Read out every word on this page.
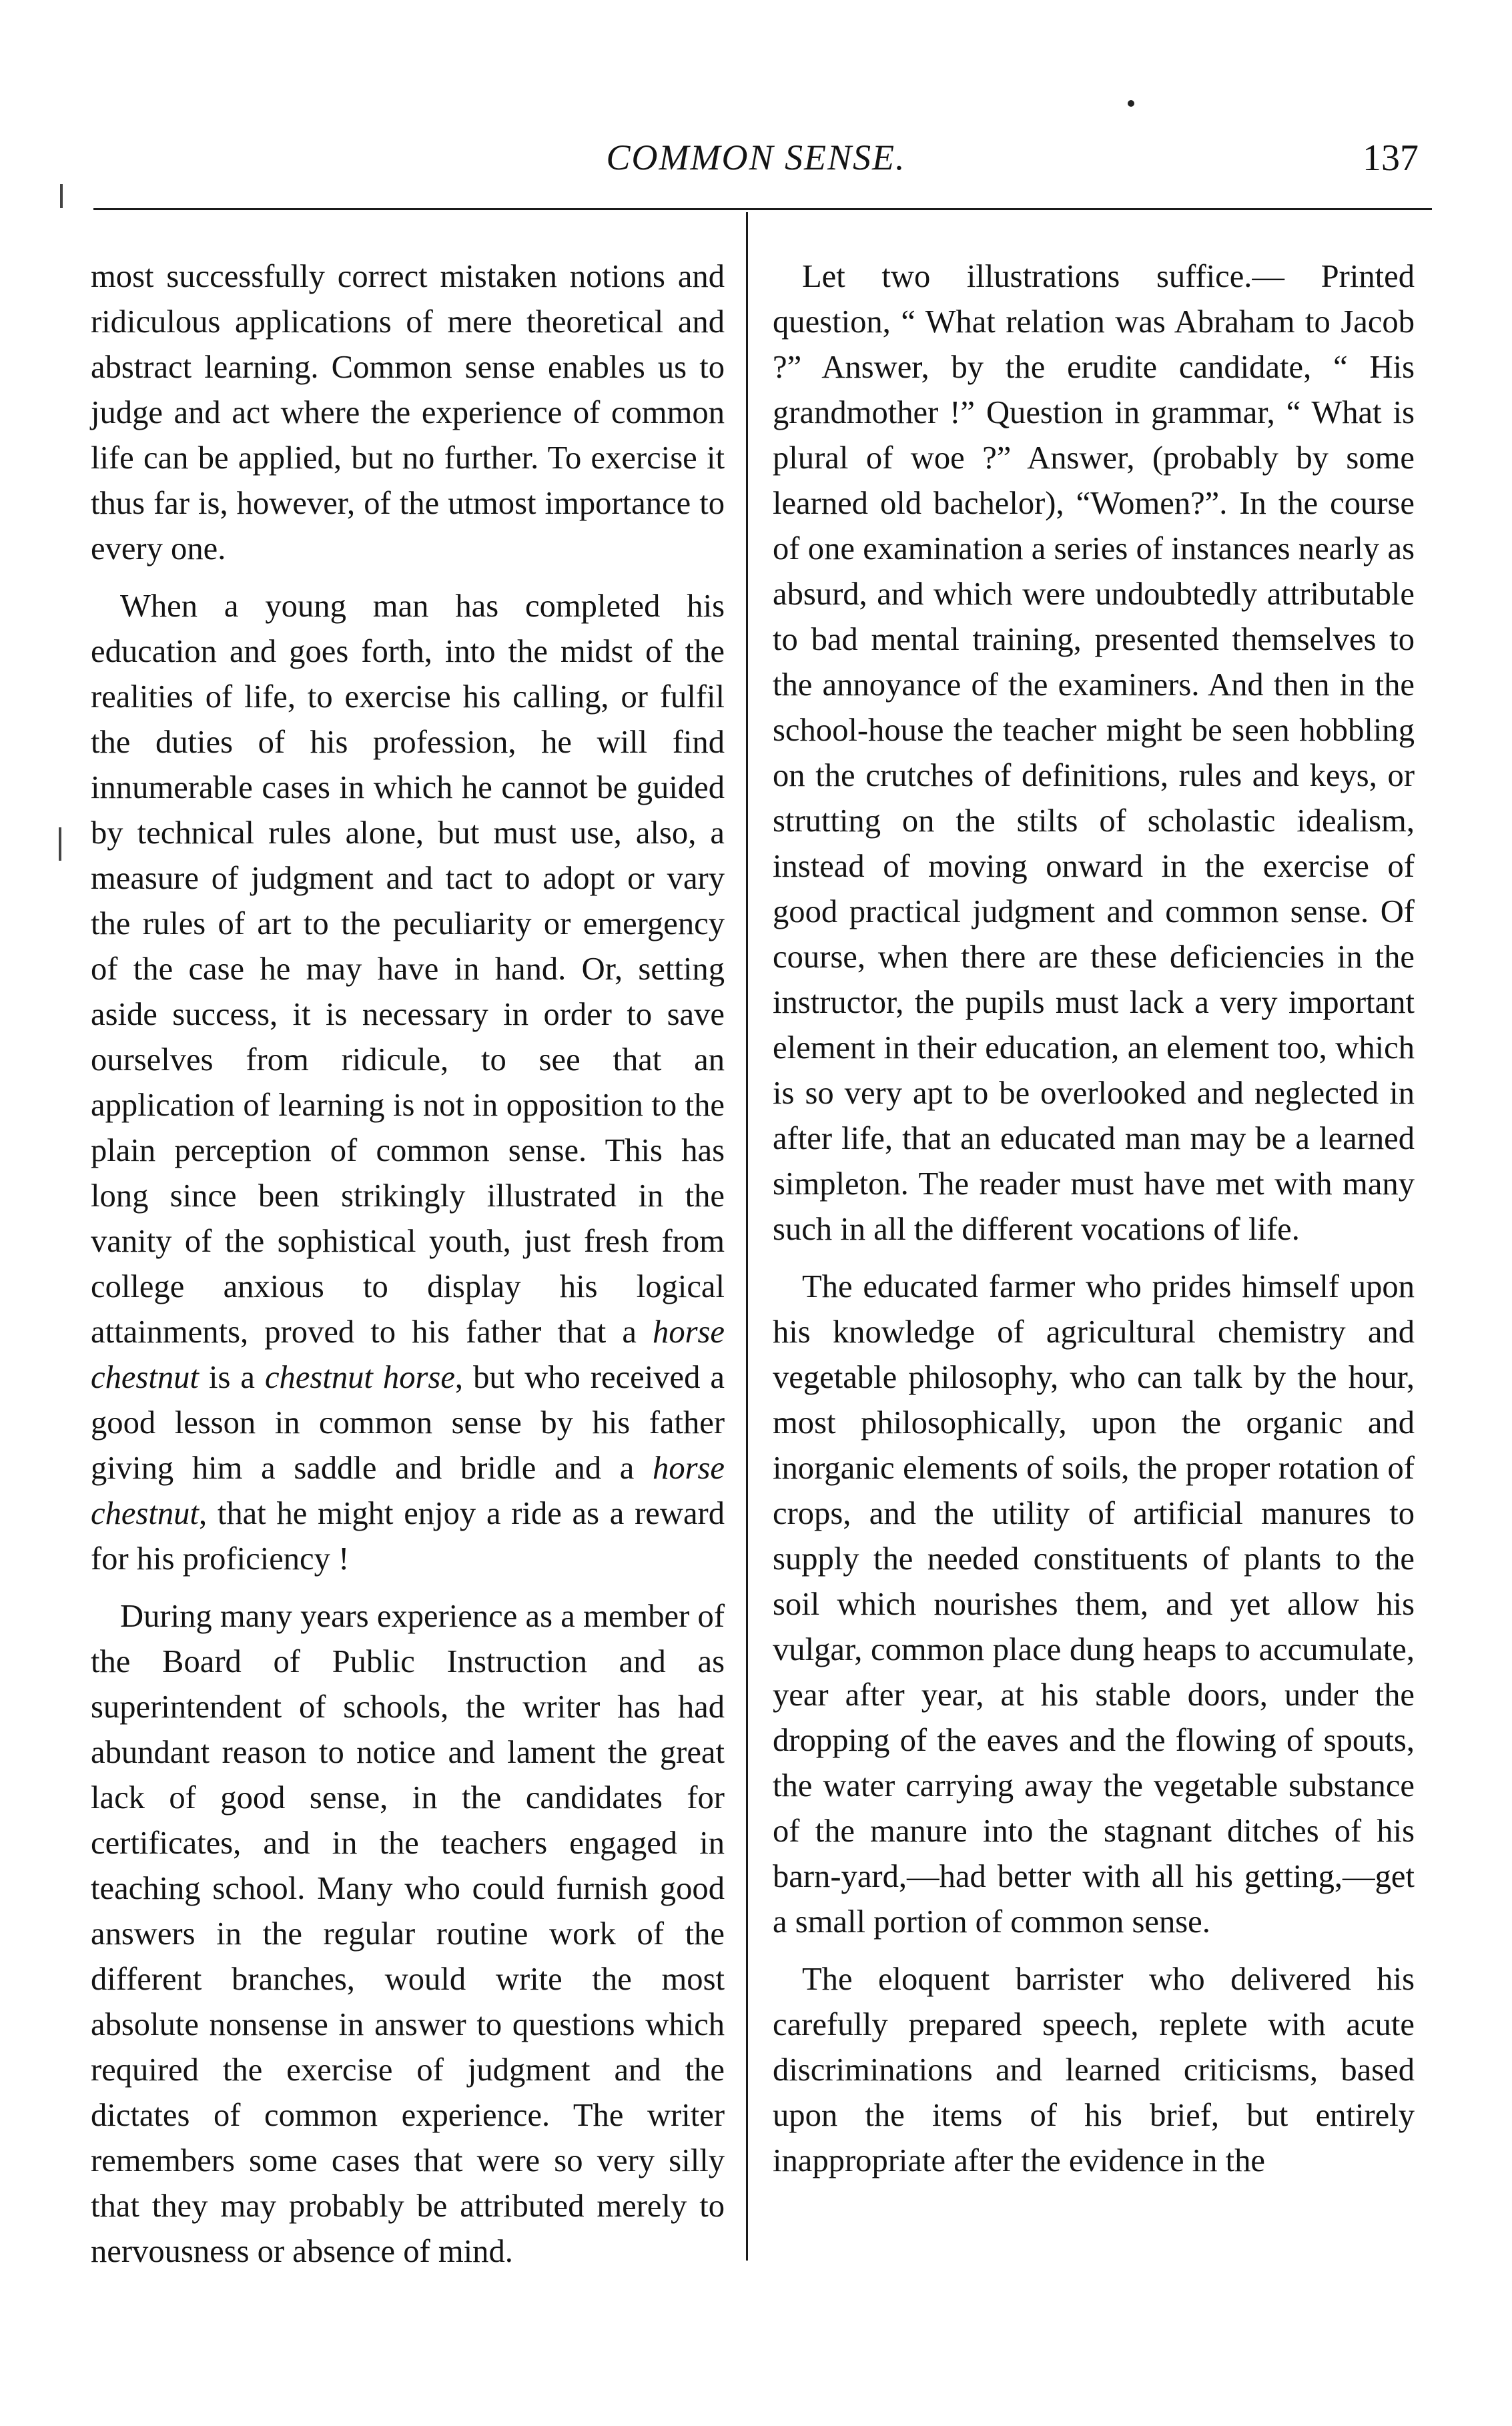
COMMON SENSE.	137

most successfully correct mistaken notions and ridiculous applications of mere theoretical and abstract learning. Common sense enables us to judge and act where the experience of common life can be applied, but no further. To exercise it thus far is, however, of the utmost importance to every one.

When a young man has completed his education and goes forth, into the midst of the realities of life, to exercise his calling, or fulfil the duties of his profession, he will find innumerable cases in which he cannot be guided by technical rules alone, but must use, also, a measure of judgment and tact to adopt or vary the rules of art to the peculiarity or emergency of the case he may have in hand. Or, setting aside success, it is necessary in order to save ourselves from ridicule, to see that an application of learning is not in opposition to the plain perception of common sense. This has long since been strikingly illustrated in the vanity of the sophistical youth, just fresh from college anxious to display his logical attainments, proved to his father that a horse chestnut is a chestnut horse, but who received a good lesson in common sense by his father giving him a saddle and bridle and a horse chestnut, that he might enjoy a ride as a reward for his proficiency !

During many years experience as a member of the Board of Public Instruction and as superintendent of schools, the writer has had abundant reason to notice and lament the great lack of good sense, in the candidates for certificates, and in the teachers engaged in teaching school. Many who could furnish good answers in the regular routine work of the different branches, would write the most absolute nonsense in answer to questions which required the exercise of judgment and the dictates of common experience. The writer remembers some cases that were so very silly that they may probably be attributed merely to nervousness or absence of mind.

Let two illustrations suffice.— Printed question, “ What relation was Abraham to Jacob ?” Answer, by the erudite candidate, “ His grandmother !” Question in grammar, “ What is plural of woe ?” Answer, (probably by some learned old bachelor), “Women?”. In the course of one examination a series of instances nearly as absurd, and which were undoubtedly attributable to bad mental training, presented themselves to the annoyance of the examiners. And then in the school-house the teacher might be seen hobbling on the crutches of definitions, rules and keys, or strutting on the stilts of scholastic idealism, instead of moving onward in the exercise of good practical judgment and common sense. Of course, when there are these deficiencies in the instructor, the pupils must lack a very important element in their education, an element too, which is so very apt to be overlooked and neglected in after life, that an educated man may be a learned simpleton. The reader must have met with many such in all the different vocations of life.

The educated farmer who prides himself upon his knowledge of agricultural chemistry and vegetable philosophy, who can talk by the hour, most philosophically, upon the organic and inorganic elements of soils, the proper rotation of crops, and the utility of artificial manures to supply the needed constituents of plants to the soil which nourishes them, and yet allow his vulgar, common place dung heaps to accumulate, year after year, at his stable doors, under the dropping of the eaves and the flowing of spouts, the water carrying away the vegetable substance of the manure into the stagnant ditches of his barn-yard,—had better with all his getting,—get a small portion of common sense.

The eloquent barrister who delivered his carefully prepared speech, replete with acute discriminations and learned criticisms, based upon the items of his brief, but entirely inappropriate after the evidence in the
